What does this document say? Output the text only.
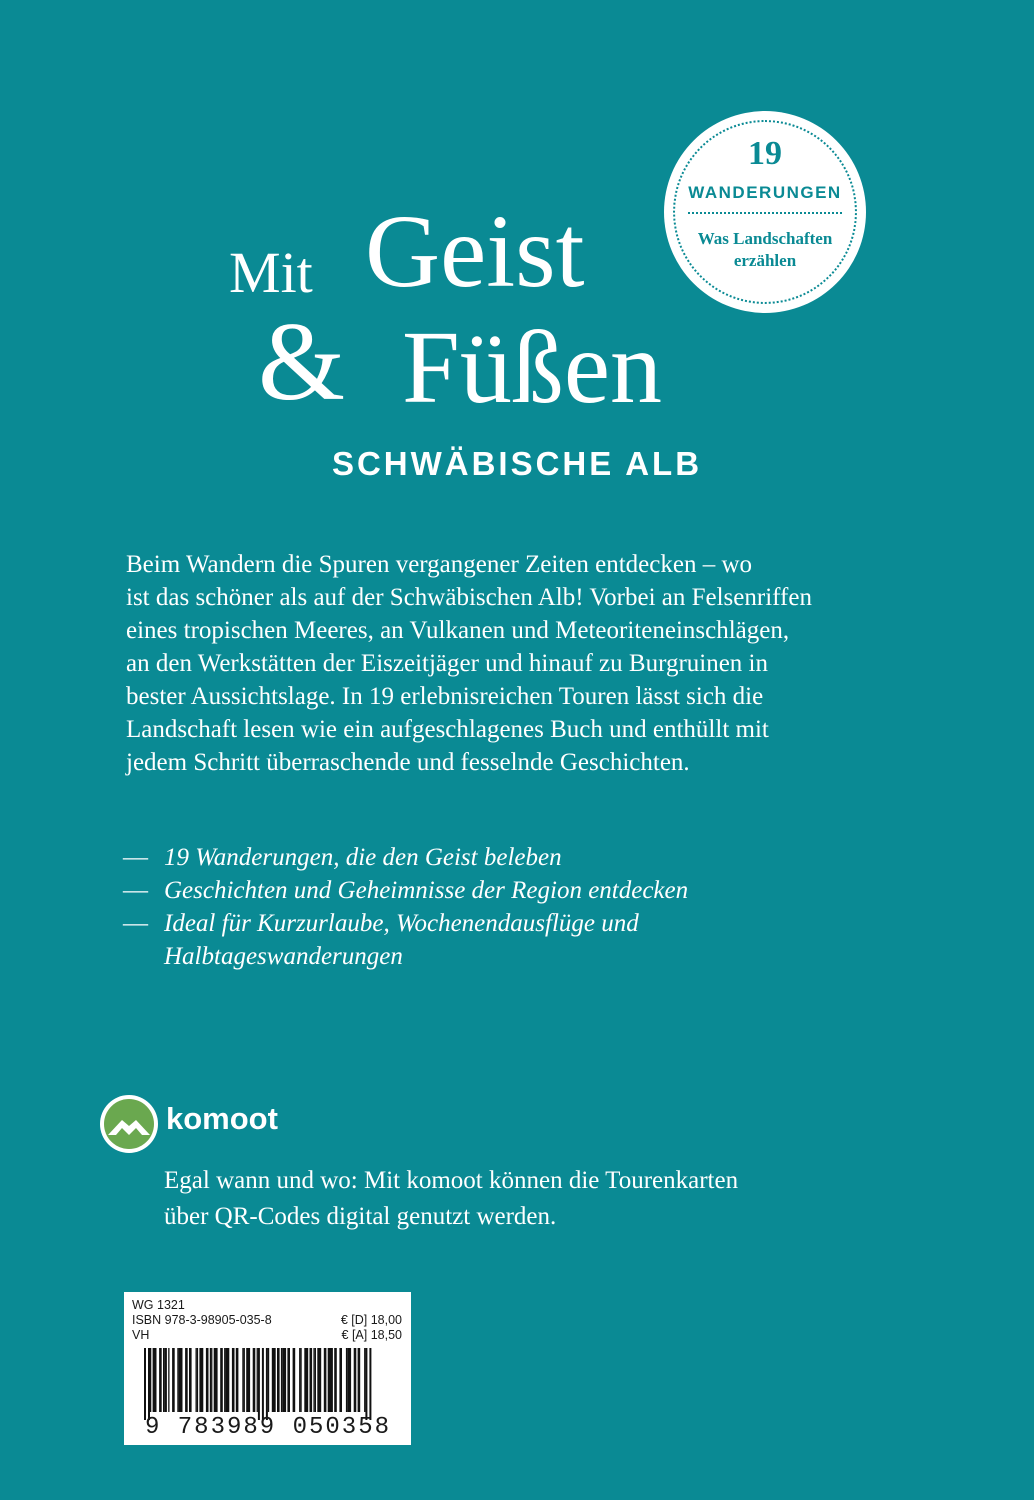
19
WANDERUNGEN
Was Landschaften
erzählen
Mit Geist
& Füßen
SCHWÄBISCHE ALB
Beim Wandern die Spuren vergangener Zeiten entdecken – wo
ist das schöner als auf der Schwäbischen Alb! Vorbei an Felsenriffen
eines tropischen Meeres, an Vulkanen und Meteoriteneinschlägen,
an den Werkstätten der Eiszeitjäger und hinauf zu Burgruinen in
bester Aussichtslage. In 19 erlebnisreichen Touren lässt sich die
Landschaft lesen wie ein aufgeschlagenes Buch und enthüllt mit
jedem Schritt überraschende und fesselnde Geschichten.
— 19 Wanderungen, die den Geist beleben
— Geschichten und Geheimnisse der Region entdecken
— Ideal für Kurzurlaube, Wochenendausflüge und
Halbtageswanderungen
komoot
Egal wann und wo: Mit komoot können die Tourenkarten
über QR-Codes digital genutzt werden.
WG 1321
ISBN 978-3-98905-035-8	€ [D] 18,00
VH	€ [A] 18,50
9 783989 050358
